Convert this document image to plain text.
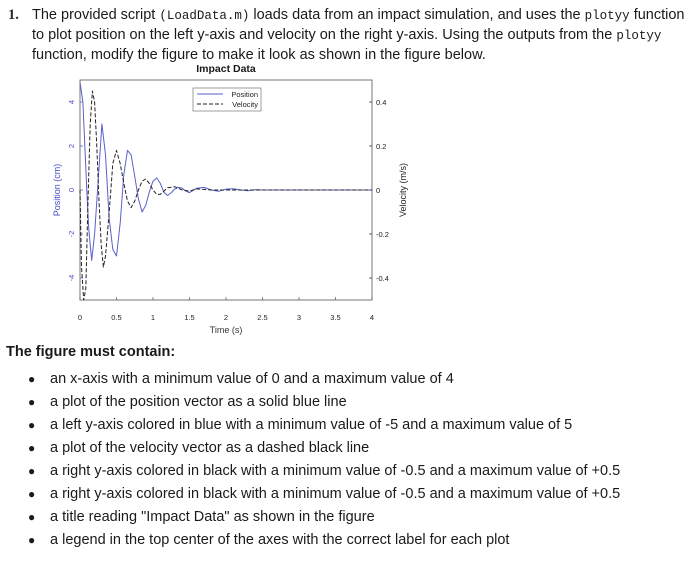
1. The provided script (LoadData.m) loads data from an impact simulation, and uses the plotyy function to plot position on the left y-axis and velocity on the right y-axis. Using the outputs from the plotyy function, modify the figure to make it look as shown in the figure below.
Impact Data
0	0.5	1	1.5	2	2.5	3	3.5	4
4
2
0
-2
-4
0.4
0.2
0
-0.2
-0.4
Time (s)
Position (cm)	Velocity (m/s)
Position
Velocity
The figure must contain:
● an x-axis with a minimum value of 0 and a maximum value of 4
● a plot of the position vector as a solid blue line
● a left y-axis colored in blue with a minimum value of -5 and a maximum value of 5
● a plot of the velocity vector as a dashed black line
● a right y-axis colored in black with a minimum value of -0.5 and a maximum value of +0.5
● a right y-axis colored in black with a minimum value of -0.5 and a maximum value of +0.5
● a title reading "Impact Data" as shown in the figure
● a legend in the top center of the axes with the correct label for each plot
